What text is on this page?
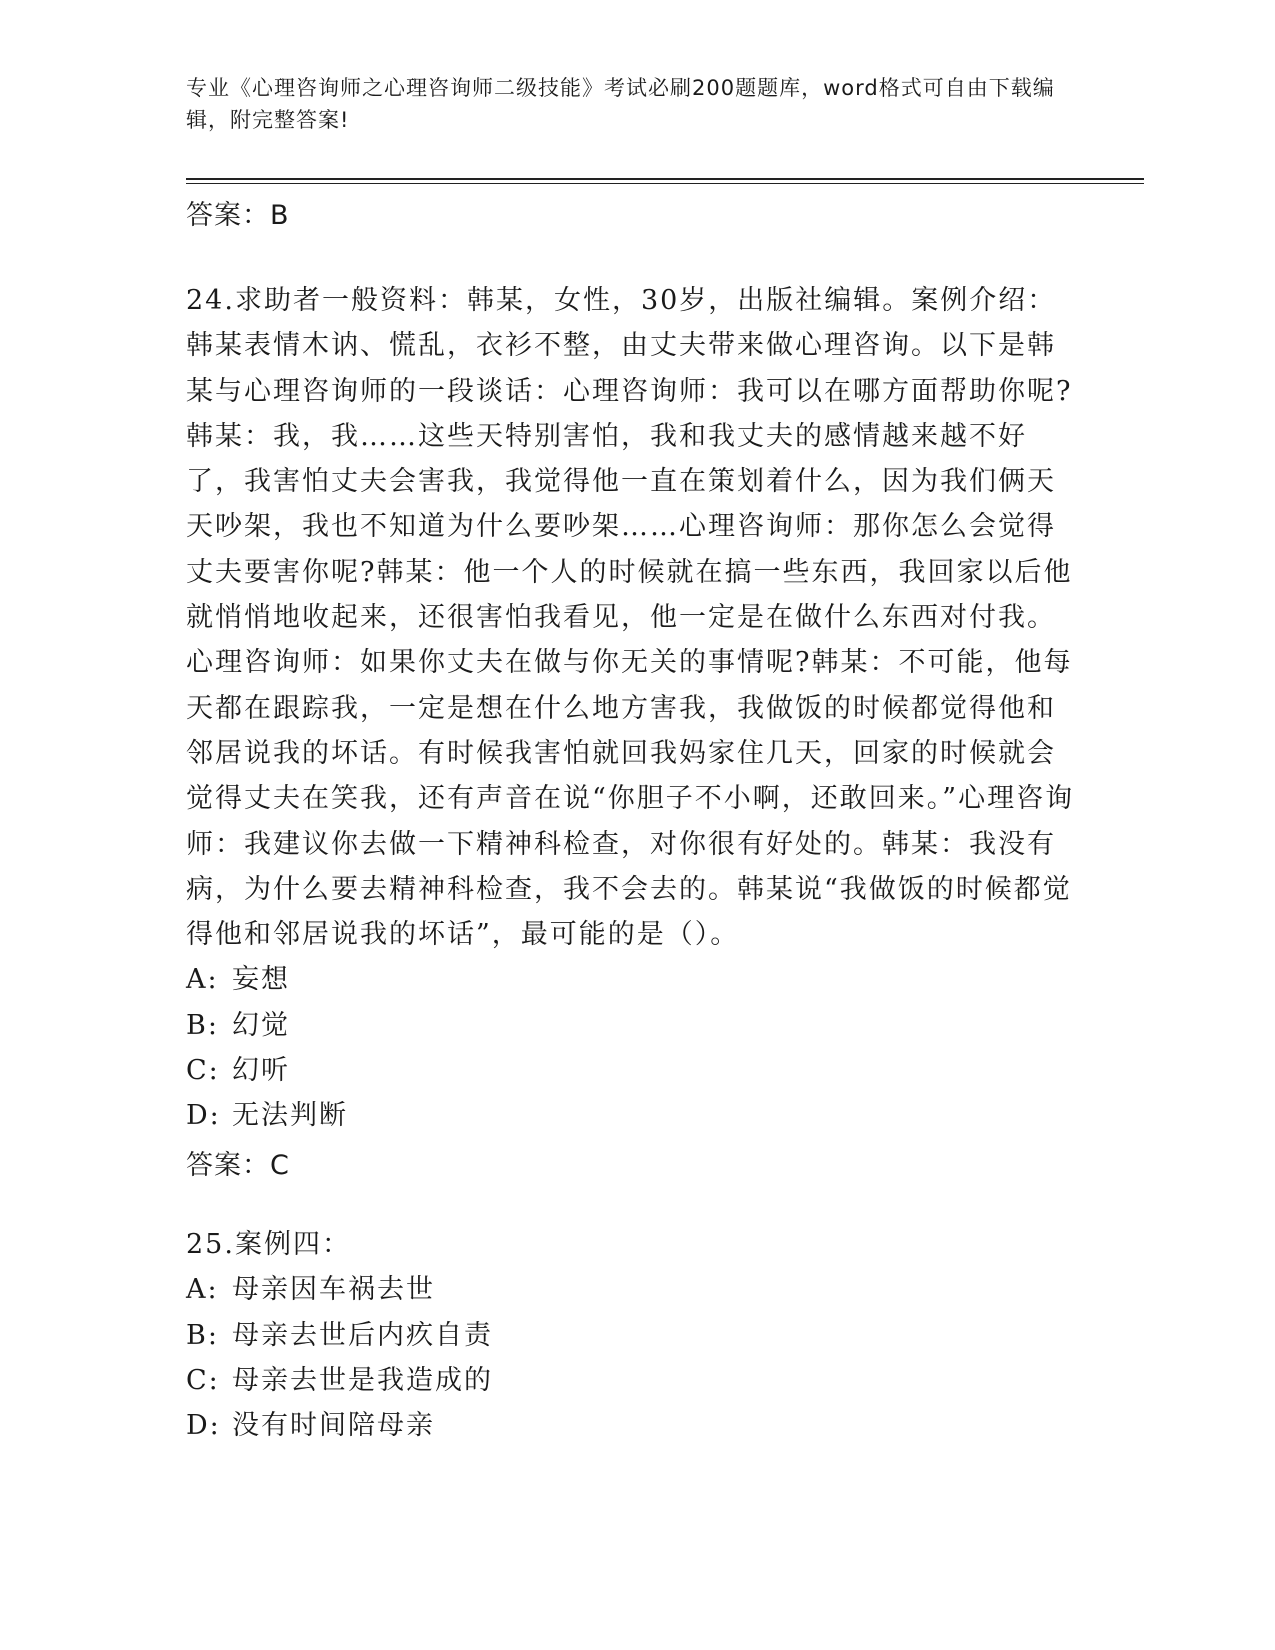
专业《心理咨询师之心理咨询师二级技能》考试必刷200题题库，word格式可自由下载编辑，附完整答案!
答案：B
24.求助者一般资料：韩某，女性，30岁，出版社编辑。案例介绍：韩某表情木讷、慌乱，衣衫不整，由丈夫带来做心理咨询。以下是韩某与心理咨询师的一段谈话：心理咨询师：我可以在哪方面帮助你呢?韩某：我，我……这些天特别害怕，我和我丈夫的感情越来越不好了，我害怕丈夫会害我，我觉得他一直在策划着什么，因为我们俩天天吵架，我也不知道为什么要吵架……心理咨询师：那你怎么会觉得丈夫要害你呢?韩某：他一个人的时候就在搞一些东西，我回家以后他就悄悄地收起来，还很害怕我看见，他一定是在做什么东西对付我。心理咨询师：如果你丈夫在做与你无关的事情呢?韩某：不可能，他每天都在跟踪我，一定是想在什么地方害我，我做饭的时候都觉得他和邻居说我的坏话。有时候我害怕就回我妈家住几天，回家的时候就会觉得丈夫在笑我，还有声音在说“你胆子不小啊，还敢回来。”心理咨询师：我建议你去做一下精神科检查，对你很有好处的。韩某：我没有病，为什么要去精神科检查，我不会去的。韩某说“我做饭的时候都觉得他和邻居说我的坏话”，最可能的是（）。
A: 妄想
B: 幻觉
C: 幻听
D: 无法判断
答案：C
25.案例四：
A: 母亲因车祸去世
B: 母亲去世后内疚自责
C: 母亲去世是我造成的
D: 没有时间陪母亲
